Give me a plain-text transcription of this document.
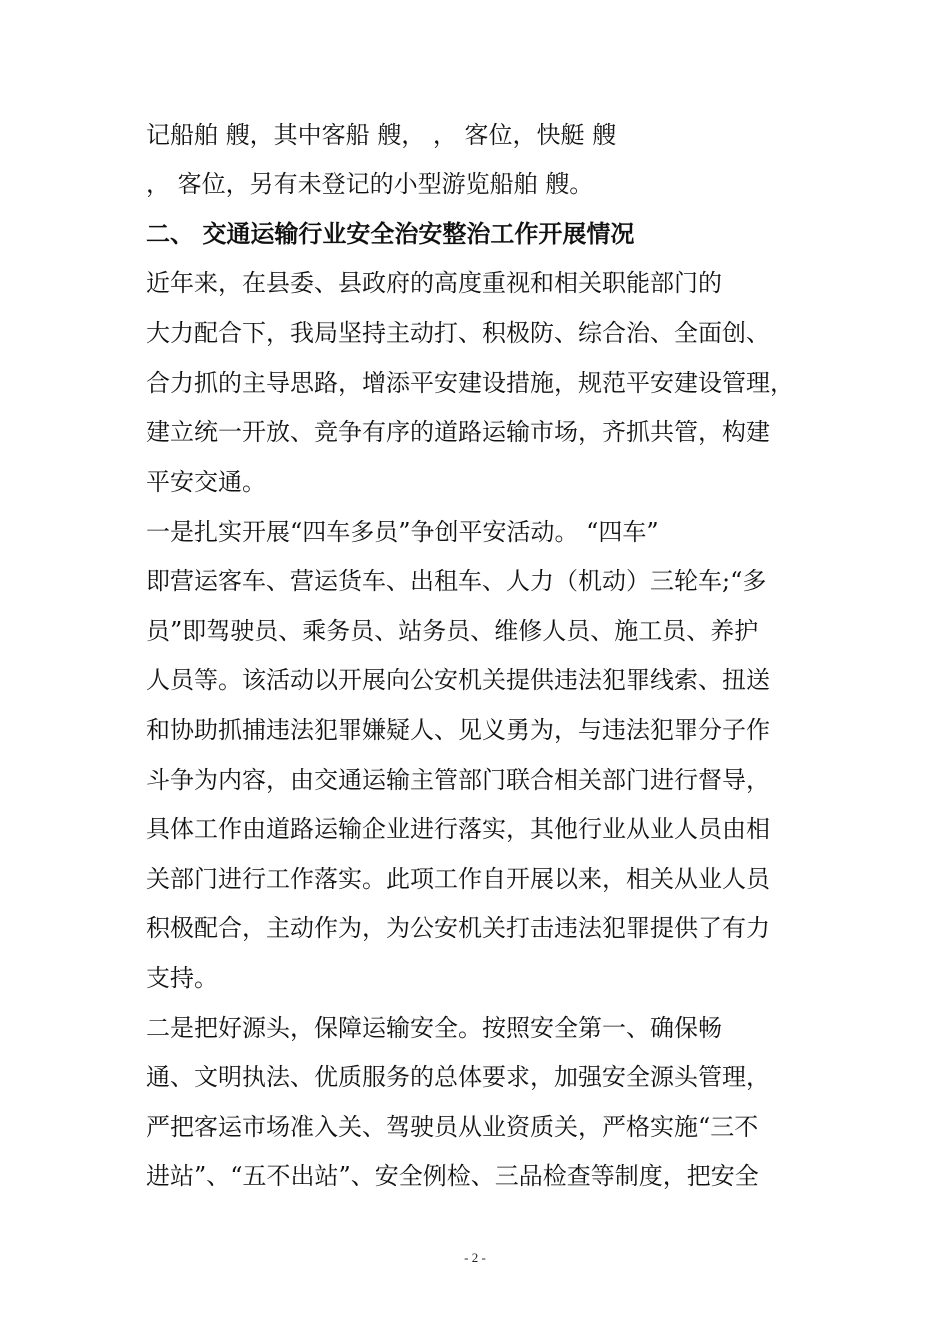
记船舶 艘，其中客船 艘， ， 客位，快艇 艘
， 客位，另有未登记的小型游览船舶 艘。
二、 交通运输行业安全治安整治工作开展情况
近年来，在县委、县政府的高度重视和相关职能部门的
大力配合下，我局坚持主动打、积极防、综合治、全面创、
合力抓的主导思路，增添平安建设措施，规范平安建设管理，
建立统一开放、竞争有序的道路运输市场，齐抓共管，构建
平安交通。
一是扎实开展“四车多员”争创平安活动。 “四车”
即营运客车、营运货车、出租车、人力（机动）三轮车;“多
员”即驾驶员、乘务员、站务员、维修人员、施工员、养护
人员等。该活动以开展向公安机关提供违法犯罪线索、扭送
和协助抓捕违法犯罪嫌疑人、见义勇为，与违法犯罪分子作
斗争为内容，由交通运输主管部门联合相关部门进行督导，
具体工作由道路运输企业进行落实，其他行业从业人员由相
关部门进行工作落实。此项工作自开展以来，相关从业人员
积极配合，主动作为，为公安机关打击违法犯罪提供了有力
支持。
二是把好源头，保障运输安全。按照安全第一、确保畅
通、文明执法、优质服务的总体要求，加强安全源头管理，
严把客运市场准入关、驾驶员从业资质关，严格实施“三不
进站”、“五不出站”、安全例检、三品检查等制度，把安全
- 2 -
